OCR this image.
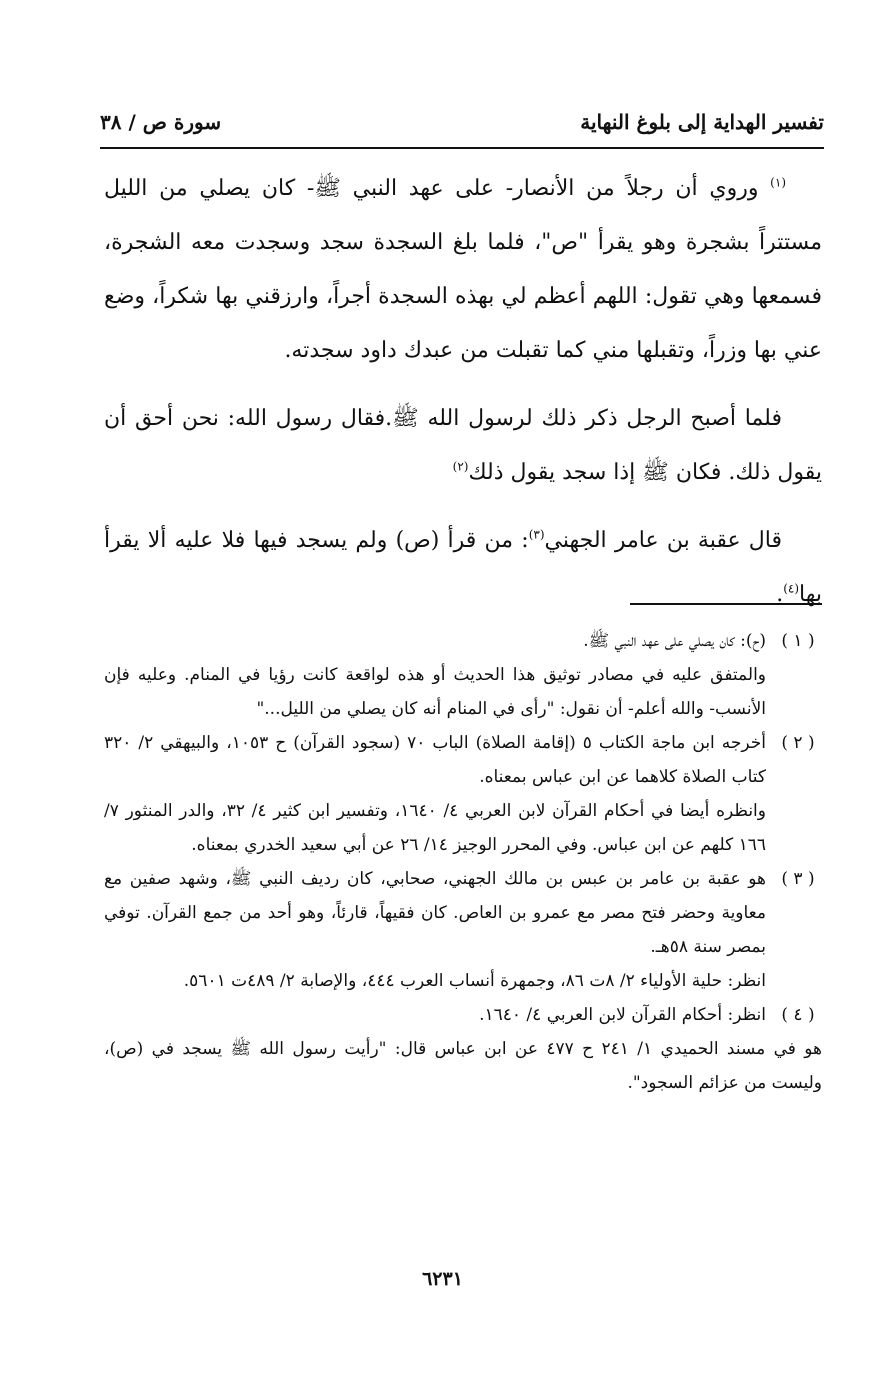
تفسير الهداية إلى بلوغ النهاية
سورة ص / ٣٨

$^{(١)}$ وروي أن رجلاً من الأنصار- على عهد النبي ﷺ- كان يصلي من الليل مستتراً بشجرة وهو يقرأ "ص"، فلما بلغ السجدة سجد وسجدت معه الشجرة، فسمعها وهي تقول: اللهم أعظم لي بهذه السجدة أجراً، وارزقني بها شكراً، وضع عني بها وزراً، وتقبلها مني كما تقبلت من عبدك داود سجدته.

فلما أصبح الرجل ذكر ذلك لرسول الله ﷺ.فقال رسول الله: نحن أحق أن يقول ذلك. فكان ﷺ إذا سجد يقول ذلك$^{(٢)}$

قال عقبة بن عامر الجهني$^{(٣)}$: من قرأ (ص) ولم يسجد فيها فلا عليه ألا يقرأ بها$^{(٤)}$.

( ١ )

(ح): كان يصلي على عهد النبي ﷺ.

والمتفق عليه في مصادر توثيق هذا الحديث أو هذه لواقعة كانت رؤيا في المنام. وعليه فإن الأنسب- والله أعلم- أن نقول: "رأى في المنام أنه كان يصلي من الليل..."

( ٢ )

أخرجه ابن ماجة الكتاب ٥ (إقامة الصلاة) الباب ٧٠ (سجود القرآن) ح ١٠٥٣، والبيهقي ٢/ ٣٢٠ كتاب الصلاة كلاهما عن ابن عباس بمعناه.

وانظره أيضا في أحكام القرآن لابن العربي ٤/ ١٦٤٠، وتفسير ابن كثير ٤/ ٣٢، والدر المنثور ٧/ ١٦٦ كلهم عن ابن عباس. وفي المحرر الوجيز ١٤/ ٢٦ عن أبي سعيد الخدري بمعناه.

( ٣ )

هو عقبة بن عامر بن عبس بن مالك الجهني، صحابي، كان رديف النبي ﷺ، وشهد صفين مع معاوية وحضر فتح مصر مع عمرو بن العاص. كان فقيهاً، قارئاً، وهو أحد من جمع القرآن. توفي بمصر سنة ٥٨هـ.

انظر: حلية الأولياء ٢/ ٨ت ٨٦، وجمهرة أنساب العرب ٤٤٤، والإصابة ٢/ ٤٨٩ت ٥٦٠١.

( ٤ )

انظر: أحكام القرآن لابن العربي ٤/ ١٦٤٠.

هو في مسند الحميدي ١/ ٢٤١ ح ٤٧٧ عن ابن عباس قال: "رأيت رسول الله ﷺ يسجد في (ص)، وليست من عزائم السجود".

٦٢٣١
